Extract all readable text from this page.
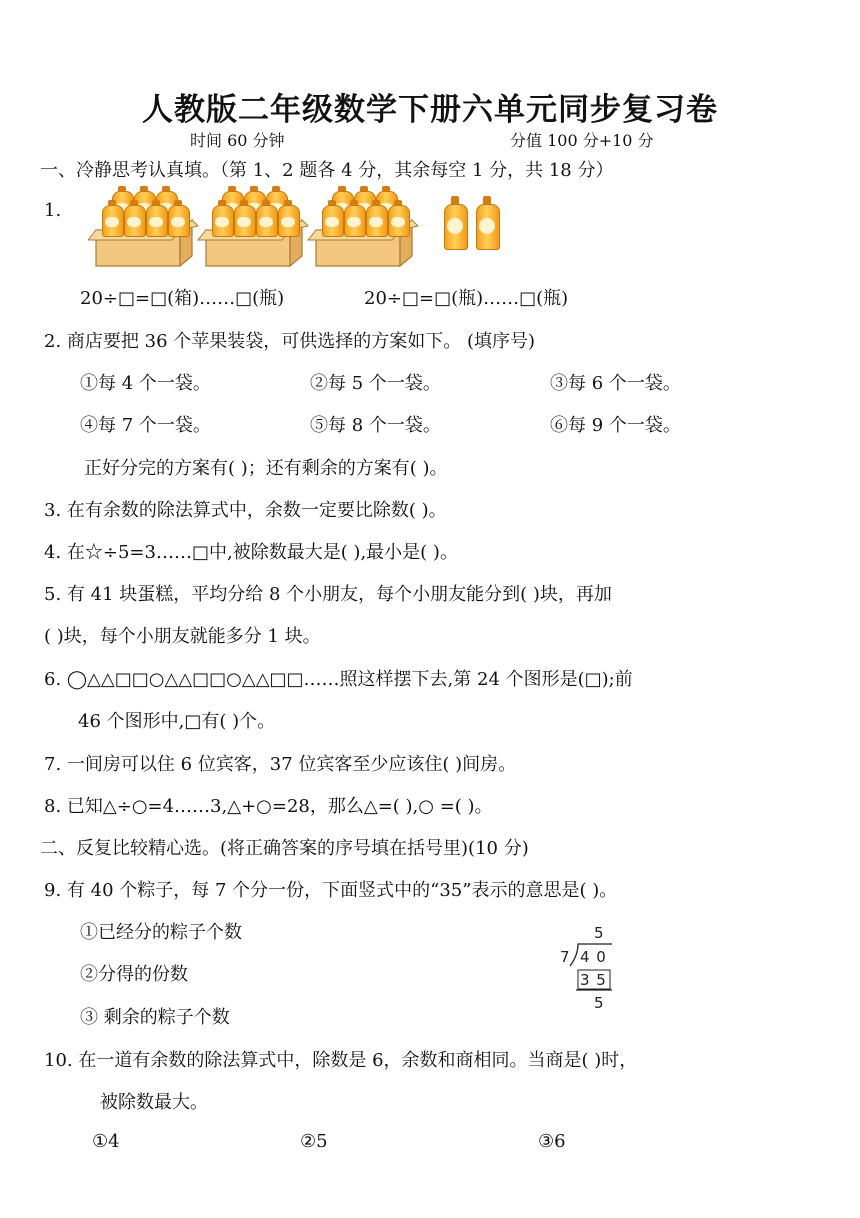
人教版二年级数学下册六单元同步复习卷
时间 60 分钟	分值 100 分+10 分
一、冷静思考认真填。（第 1、2 题各 4 分，其余每空 1 分，共 18 分）
1.
20÷□=□(箱)……□(瓶)	20÷□=□(瓶)……□(瓶)
2. 商店要把 36 个苹果装袋，可供选择的方案如下。 (填序号)
①每 4 个一袋。	②每 5 个一袋。	③每 6 个一袋。
④每 7 个一袋。	⑤每 8 个一袋。	⑥每 9 个一袋。
正好分完的方案有( )；还有剩余的方案有( )。
3. 在有余数的除法算式中，余数一定要比除数( )。
4. 在☆÷5=3……□中,被除数最大是( ),最小是( )。
5. 有 41 块蛋糕，平均分给 8 个小朋友，每个小朋友能分到( )块，再加
( )块，每个小朋友就能多分 1 块。
6. ◯△△□□○△△□□○△△□□……照这样摆下去,第 24 个图形是(□);前
46 个图形中,□有( )个。
7. 一间房可以住 6 位宾客，37 位宾客至少应该住( )间房。
8. 已知△÷○=4……3,△+○=28，那么△=( ),○ =( )。
二、反复比较精心选。(将正确答案的序号填在括号里)(10 分)
9. 有 40 个粽子，每 7 个分一份，下面竖式中的“35”表示的意思是( )。
①已经分的粽子个数
②分得的份数
③ 剩余的粽子个数
5
7 4 0
3 5
5
10. 在一道有余数的除法算式中，除数是 6，余数和商相同。当商是( )时，
被除数最大。
①4	②5	③6
